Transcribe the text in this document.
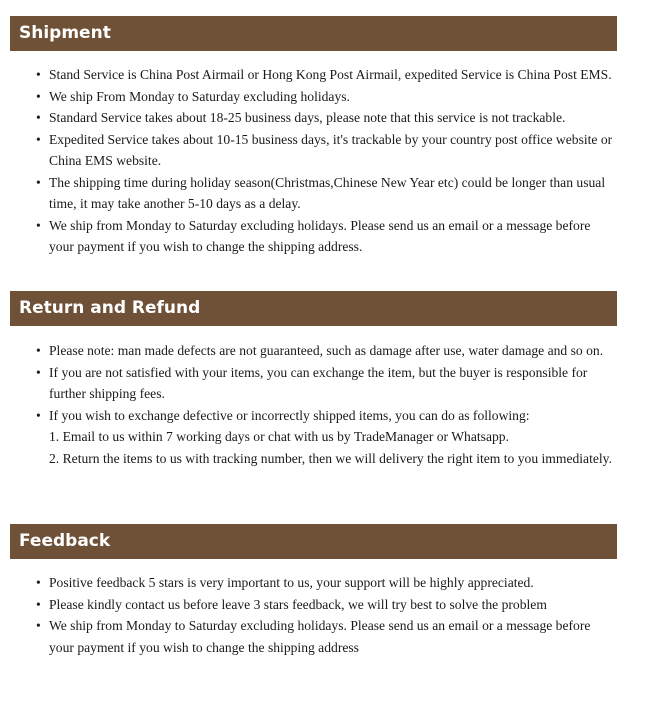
Shipment
• Stand Service is China Post Airmail or Hong Kong Post Airmail, expedited Service is China Post EMS.
• We ship From Monday to Saturday excluding holidays.
• Standard Service takes about 18-25 business days, please note that this service is not trackable.
• Expedited Service takes about 10-15 business days, it's trackable by your country post office website or China EMS website.
• The shipping time during holiday season(Christmas,Chinese New Year etc) could be longer than usual time, it may take another 5-10 days as a delay.
• We ship from Monday to Saturday excluding holidays. Please send us an email or a message before your payment if you wish to change the shipping address.
Return and Refund
• Please note: man made defects are not guaranteed, such as damage after use, water damage and so on.
• If you are not satisfied with your items, you can exchange the item, but the buyer is responsible for further shipping fees.
• If you wish to exchange defective or incorrectly shipped items, you can do as following:
1. Email to us within 7 working days or chat with us by TradeManager or Whatsapp.
2. Return the items to us with tracking number, then we will delivery the right item to you immediately.
Feedback
• Positive feedback 5 stars is very important to us, your support will be highly appreciated.
• Please kindly contact us before leave 3 stars feedback, we will try best to solve the problem
• We ship from Monday to Saturday excluding holidays. Please send us an email or a message before your payment if you wish to change the shipping address
